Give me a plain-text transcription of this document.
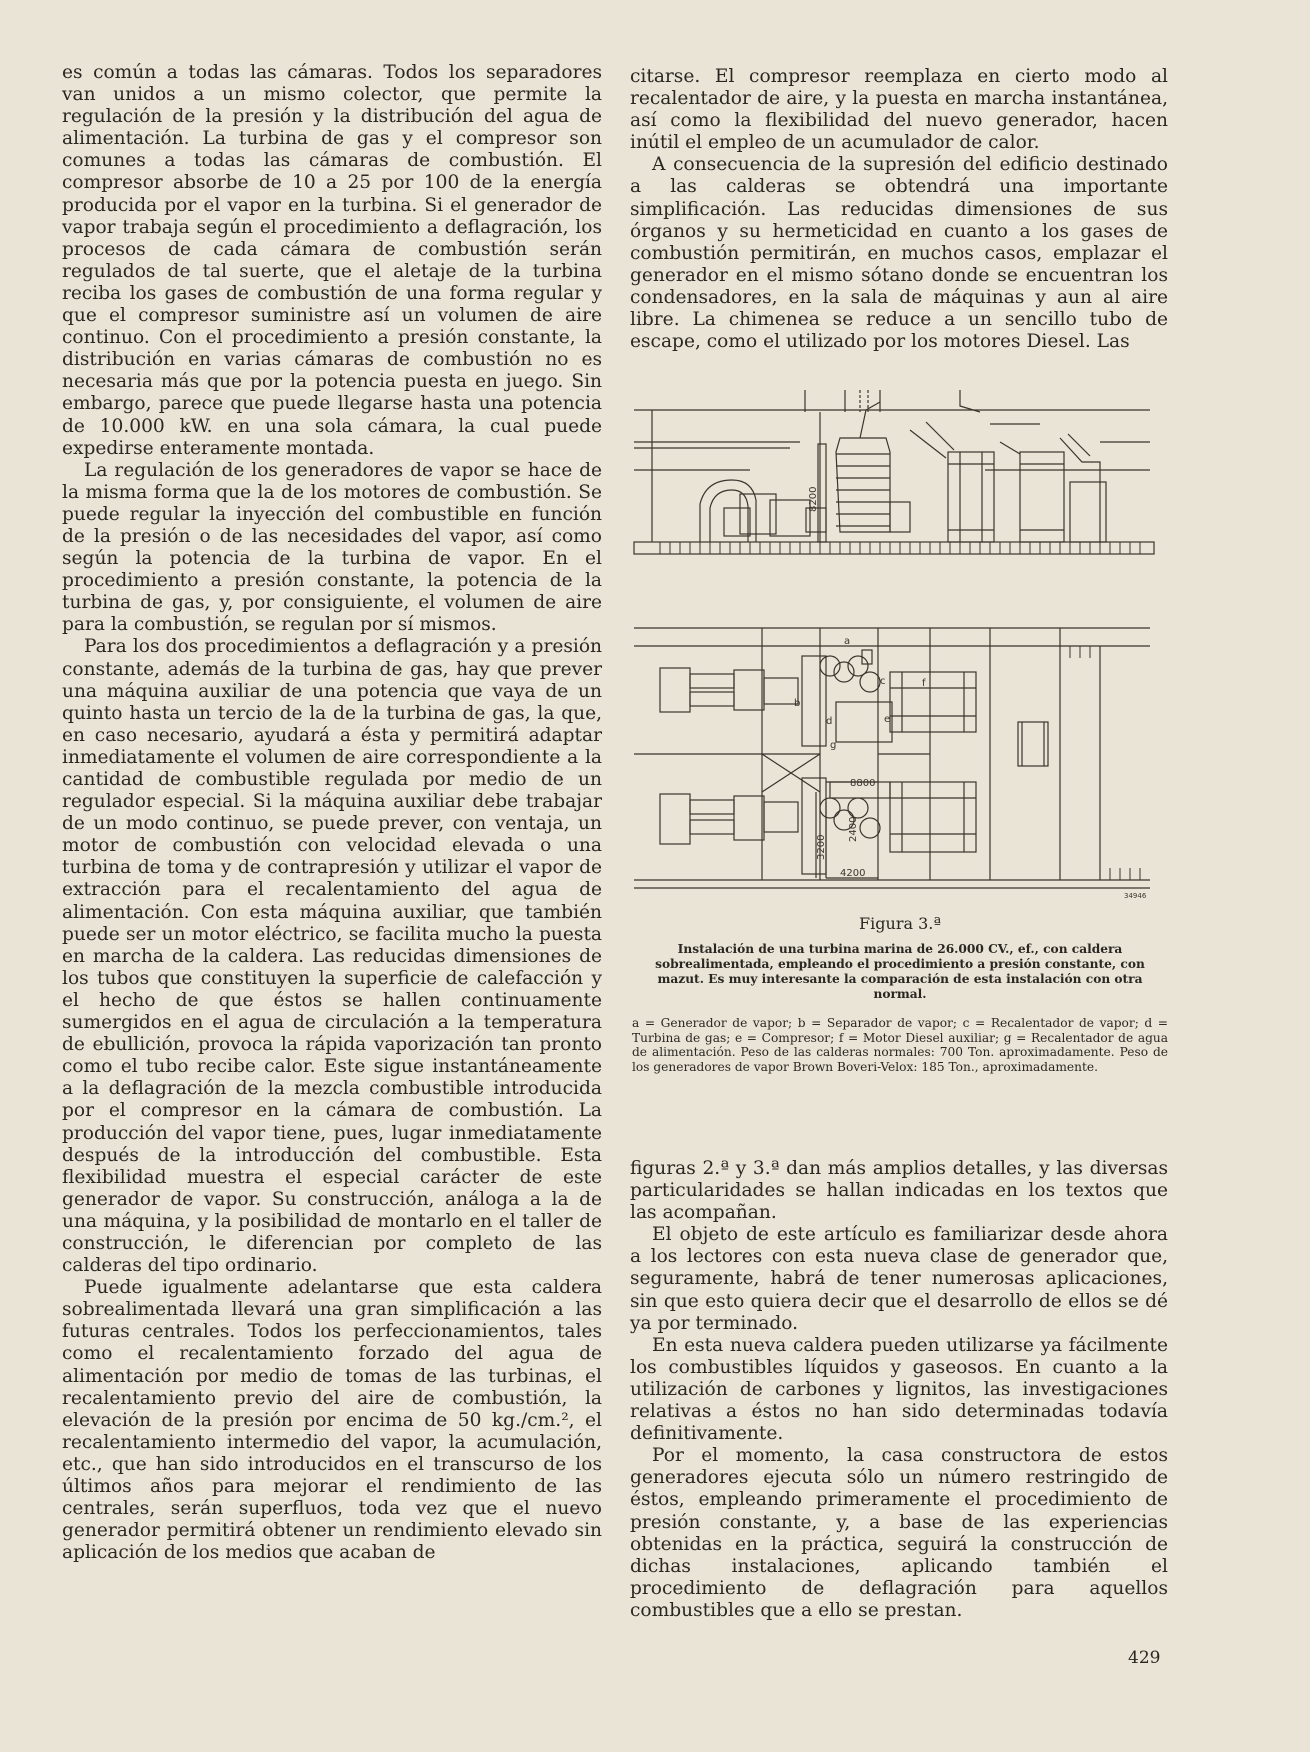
es común a todas las cámaras. Todos los separadores van unidos a un mismo colector, que permite la regulación de la presión y la distribución del agua de alimentación. La turbina de gas y el compresor son comunes a todas las cámaras de combustión. El compresor absorbe de 10 a 25 por 100 de la energía producida por el vapor en la turbina. Si el generador de vapor trabaja según el procedimiento a deflagración, los procesos de cada cámara de combustión serán regulados de tal suerte, que el aletaje de la turbina reciba los gases de combustión de una forma regular y que el compresor suministre así un volumen de aire continuo. Con el procedimiento a presión constante, la distribución en varias cámaras de combustión no es necesaria más que por la potencia puesta en juego. Sin embargo, parece que puede llegarse hasta una potencia de 10.000 kW. en una sola cámara, la cual puede expedirse enteramente montada.

La regulación de los generadores de vapor se hace de la misma forma que la de los motores de combustión. Se puede regular la inyección del combustible en función de la presión o de las necesidades del vapor, así como según la potencia de la turbina de vapor. En el procedimiento a presión constante, la potencia de la turbina de gas, y, por consiguiente, el volumen de aire para la combustión, se regulan por sí mismos.

Para los dos procedimientos a deflagración y a presión constante, además de la turbina de gas, hay que prever una máquina auxiliar de una potencia que vaya de un quinto hasta un tercio de la de la turbina de gas, la que, en caso necesario, ayudará a ésta y permitirá adaptar inmediatamente el volumen de aire correspondiente a la cantidad de combustible regulada por medio de un regulador especial. Si la máquina auxiliar debe trabajar de un modo continuo, se puede prever, con ventaja, un motor de combustión con velocidad elevada o una turbina de toma y de contrapresión y utilizar el vapor de extracción para el recalentamiento del agua de alimentación. Con esta máquina auxiliar, que también puede ser un motor eléctrico, se facilita mucho la puesta en marcha de la caldera. Las reducidas dimensiones de los tubos que constituyen la superficie de calefacción y el hecho de que éstos se hallen continuamente sumergidos en el agua de circulación a la temperatura de ebullición, provoca la rápida vaporización tan pronto como el tubo recibe calor. Este sigue instantáneamente a la deflagración de la mezcla combustible introducida por el compresor en la cámara de combustión. La producción del vapor tiene, pues, lugar inmediatamente después de la introducción del combustible. Esta flexibilidad muestra el especial carácter de este generador de vapor. Su construcción, análoga a la de una máquina, y la posibilidad de montarlo en el taller de construcción, le diferencian por completo de las calderas del tipo ordinario.

Puede igualmente adelantarse que esta caldera sobrealimentada llevará una gran simplificación a las futuras centrales. Todos los perfeccionamientos, tales como el recalentamiento forzado del agua de alimentación por medio de tomas de las turbinas, el recalentamiento previo del aire de combustión, la elevación de la presión por encima de 50 kg./cm.², el recalentamiento intermedio del vapor, la acumulación, etc., que han sido introducidos en el transcurso de los últimos años para mejorar el rendimiento de las centrales, serán superfluos, toda vez que el nuevo generador permitirá obtener un rendimiento elevado sin aplicación de los medios que acaban de

citarse. El compresor reemplaza en cierto modo al recalentador de aire, y la puesta en marcha instantánea, así como la flexibilidad del nuevo generador, hacen inútil el empleo de un acumulador de calor.

A consecuencia de la supresión del edificio destinado a las calderas se obtendrá una importante simplificación. Las reducidas dimensiones de sus órganos y su hermeticidad en cuanto a los gases de combustión permitirán, en muchos casos, emplazar el generador en el mismo sótano donde se encuentran los condensadores, en la sala de máquinas y aun al aire libre. La chimenea se reduce a un sencillo tubo de escape, como el utilizado por los motores Diesel. Las

8200
a
b
c
d	e
f
g
8800
4200
3200
2400
34946
Figura 3.ª
Instalación de una turbina marina de 26.000 CV., ef., con caldera sobrealimentada, empleando el procedimiento a presión constante, con mazut. Es muy interesante la comparación de esta instalación con otra normal.
a = Generador de vapor; b = Separador de vapor; c = Recalentador de vapor; d = Turbina de gas; e = Compresor; f = Motor Diesel auxiliar; g = Recalentador de agua de alimentación. Peso de las calderas normales: 700 Ton. aproximadamente. Peso de los generadores de vapor Brown Boveri-Velox: 185 Ton., aproximadamente.

figuras 2.ª y 3.ª dan más amplios detalles, y las diversas particularidades se hallan indicadas en los textos que las acompañan.

El objeto de este artículo es familiarizar desde ahora a los lectores con esta nueva clase de generador que, seguramente, habrá de tener numerosas aplicaciones, sin que esto quiera decir que el desarrollo de ellos se dé ya por terminado.

En esta nueva caldera pueden utilizarse ya fácilmente los combustibles líquidos y gaseosos. En cuanto a la utilización de carbones y lignitos, las investigaciones relativas a éstos no han sido determinadas todavía definitivamente.

Por el momento, la casa constructora de estos generadores ejecuta sólo un número restringido de éstos, empleando primeramente el procedimiento de presión constante, y, a base de las experiencias obtenidas en la práctica, seguirá la construcción de dichas instalaciones, aplicando también el procedimiento de deflagración para aquellos combustibles que a ello se prestan.

429
